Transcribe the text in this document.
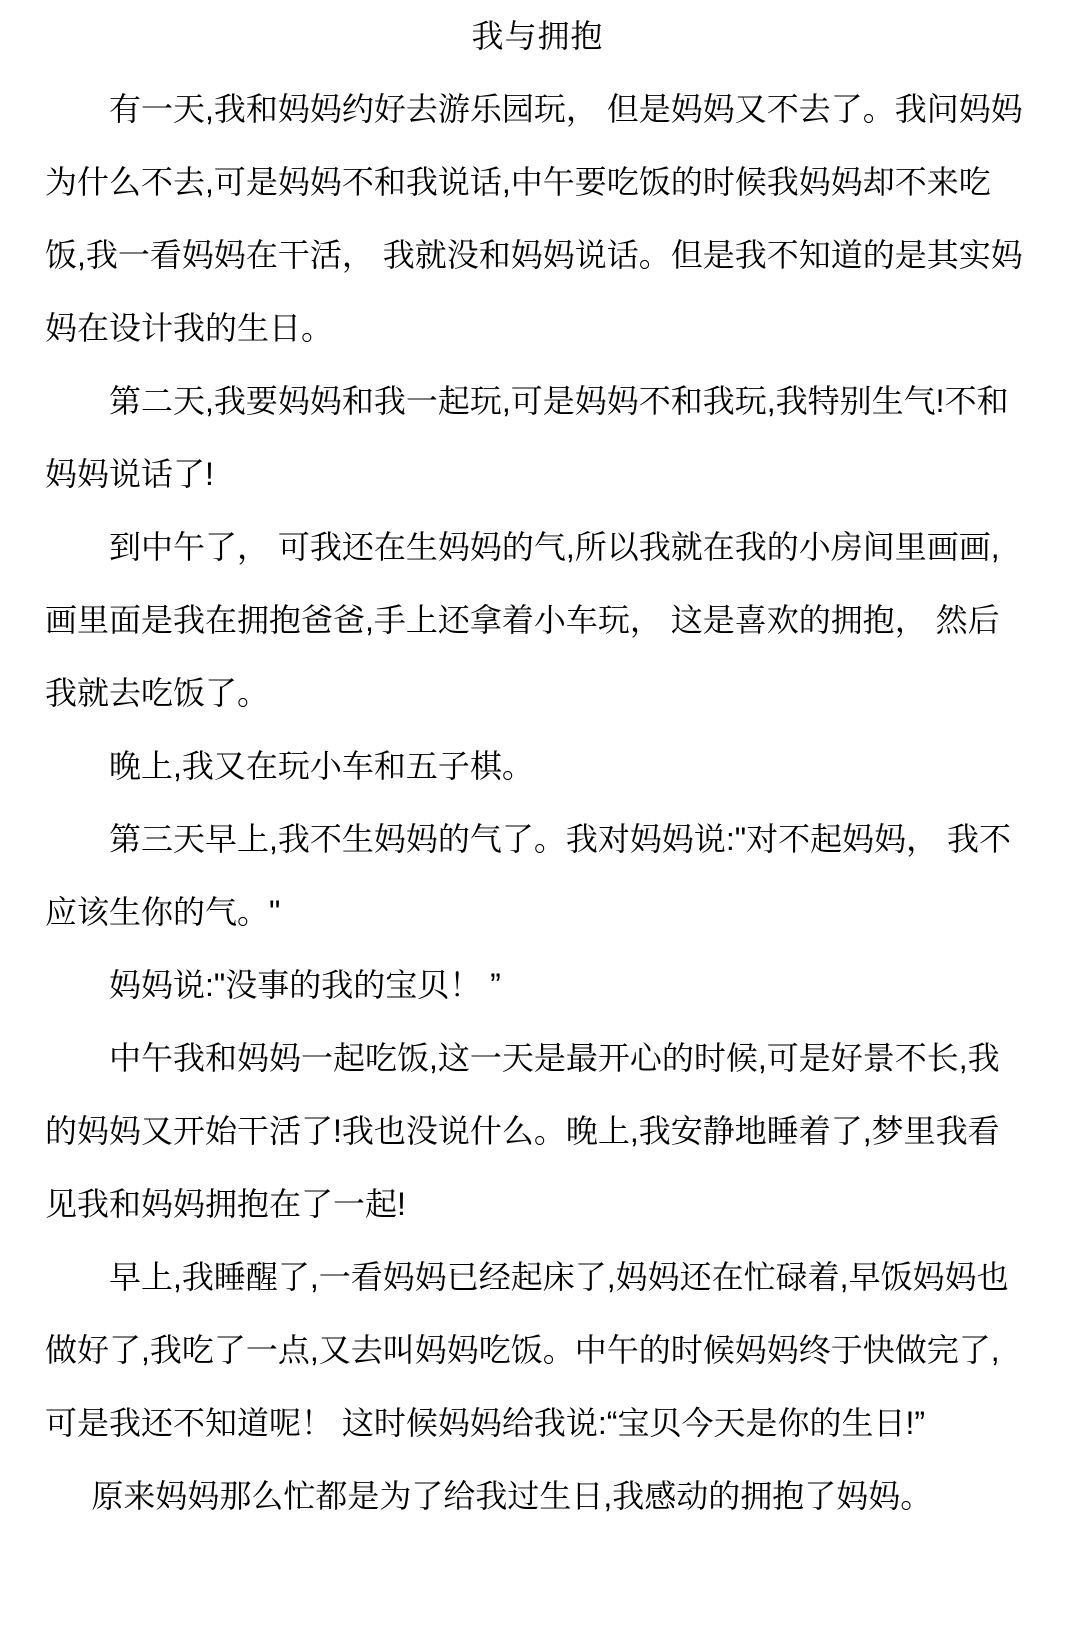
我与拥抱

有一天,我和妈妈约好去游乐园玩， 但是妈妈又不去了。我问妈妈为什么不去,可是妈妈不和我说话,中午要吃饭的时候我妈妈却不来吃饭,我一看妈妈在干活， 我就没和妈妈说话。但是我不知道的是其实妈妈在设计我的生日。

第二天,我要妈妈和我一起玩,可是妈妈不和我玩,我特别生气!不和妈妈说话了!

到中午了， 可我还在生妈妈的气,所以我就在我的小房间里画画,画里面是我在拥抱爸爸,手上还拿着小车玩， 这是喜欢的拥抱， 然后我就去吃饭了。

晚上,我又在玩小车和五子棋。

第三天早上,我不生妈妈的气了。我对妈妈说:"对不起妈妈， 我不应该生你的气。"

妈妈说:"没事的我的宝贝！ ”

中午我和妈妈一起吃饭,这一天是最开心的时候,可是好景不长,我的妈妈又开始干活了!我也没说什么。晚上,我安静地睡着了,梦里我看见我和妈妈拥抱在了一起!

早上,我睡醒了,一看妈妈已经起床了,妈妈还在忙碌着,早饭妈妈也做好了,我吃了一点,又去叫妈妈吃饭。中午的时候妈妈终于快做完了,可是我还不知道呢！ 这时候妈妈给我说:“宝贝今天是你的生日!”

原来妈妈那么忙都是为了给我过生日,我感动的拥抱了妈妈。
